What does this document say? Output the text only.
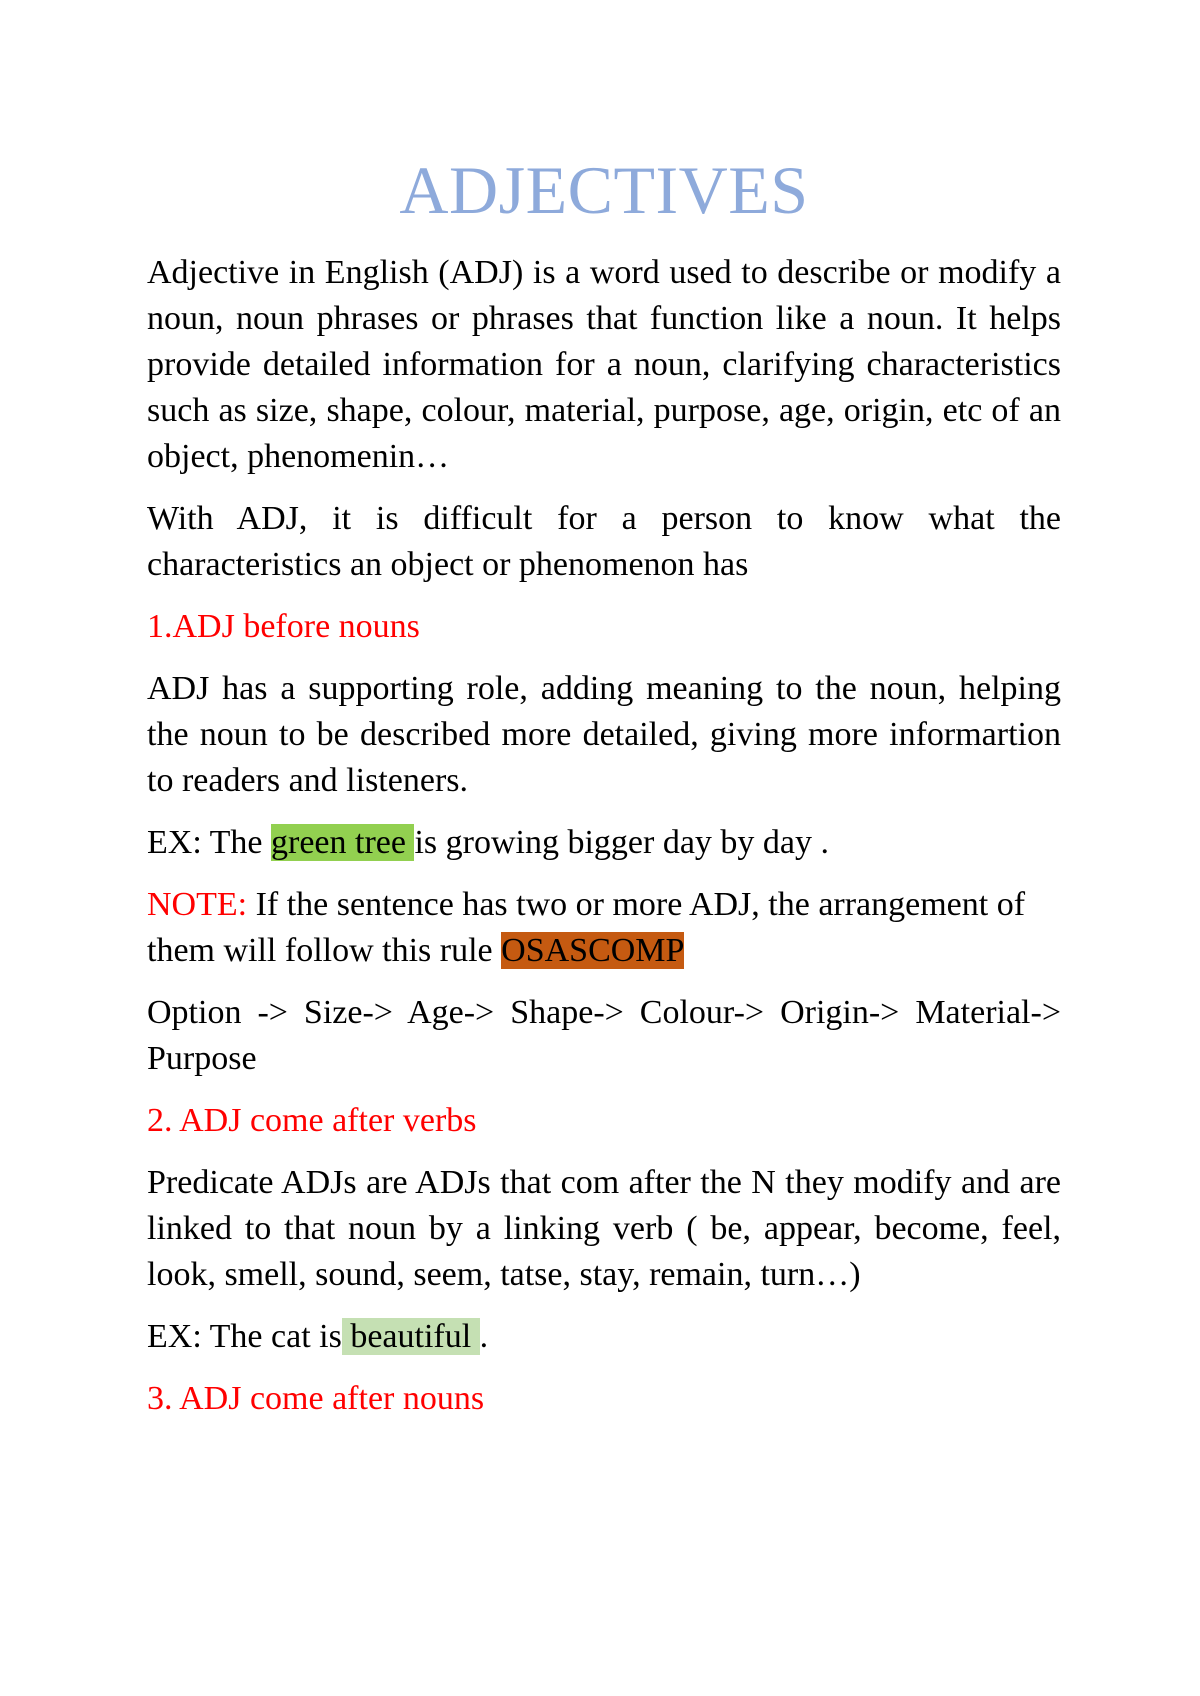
ADJECTIVES

Adjective in English (ADJ) is a word used to describe or modify a noun, noun phrases or phrases that function like a noun. It helps provide detailed information for a noun, clarifying characteristics such as size, shape, colour, material, purpose, age, origin, etc of an object, phenomenin…

With ADJ, it is difficult for a person to know what the characteristics an object or phenomenon has

1.ADJ before nouns

ADJ has a supporting role, adding meaning to the noun, helping the noun to be described more detailed, giving more informartion to readers and listeners.

EX: The green tree is growing bigger day by day .

NOTE: If the sentence has two or more ADJ, the arrangement of them will follow this rule OSASCOMP

Option -> Size-> Age-> Shape-> Colour-> Origin-> Material-> Purpose

2. ADJ come after verbs

Predicate ADJs are ADJs that com after the N they modify and are linked to that noun by a linking verb ( be, appear, become, feel, look, smell, sound, seem, tatse, stay, remain, turn…)

EX: The cat is beautiful .

3. ADJ come after nouns
